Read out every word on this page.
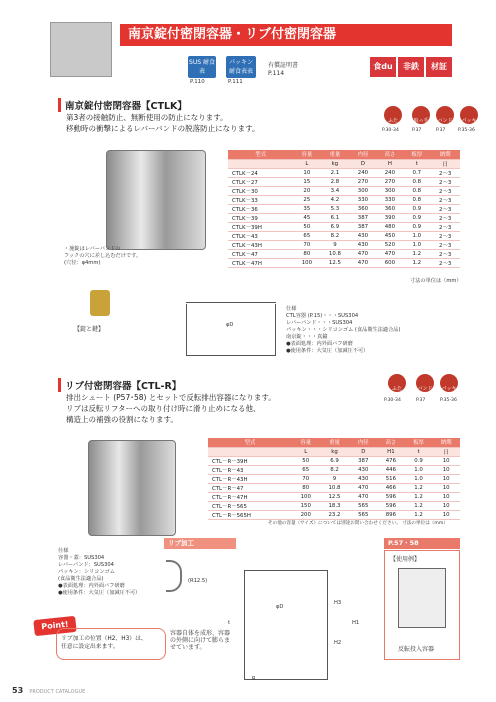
南京錠付密閉容器・リブ付密閉容器
SUS 耐食表
P.110
パッキン 耐食表表
P.111
有償証明書
P.114
食du	非鉄	材証
南京錠付密閉容器【CTLK】
第3者の接触防止、無断使用の防止になります。
移動時の衝撃によるレバーバンドの脱落防止になります。
ふた	取っ手	バンド	パッキン
P.30-34	P.37	P.37	P.35-36
・施錠はレバーバンドの
フックの穴に差し込むだけです。
(穴径：φ4mm)
【錠と鍵】
型式	容量	重量	内径	高さ	板厚	納期
	L	kg	D	H	t	日
CTLK－24	10	2.1	240	240	0.7	2～3
CTLK－27	15	2.8	270	270	0.8	2～3
CTLK－30	20	3.4	300	300	0.8	2～3
CTLK－33	25	4.2	330	330	0.8	2～3
CTLK－36	35	5.3	360	360	0.9	2～3
CTLK－39	45	6.1	387	390	0.9	2～3
CTLK－39H	50	6.9	387	480	0.9	2～3
CTLK－43	65	8.2	430	450	1.0	2～3
CTLK－43H	70	9	430	520	1.0	2～3
CTLK－47	80	10.8	470	470	1.2	2～3
CTLK－47H	100	12.5	470	600	1.2	2～3
寸法の単位は（mm）
φD
仕様
CTL容器 (P.15)・・・SUS304
レバーバンド・・・SUS304
パッキン・・・シリコンゴム (食品衛生法適合品)
南京錠・・・真鍮
●表面処理：内外面バフ研磨
●使用条件：大気圧（加減圧不可）
リブ付密閉容器【CTL-R】
排出シュート (P57･58) とセットで反転排出容器になります。
リブは反転リフターへの取り付け時に滑り止めになる他、
構造上の補強の役割になります。
ふた	バンド	パッキン
P.30-34	P.37	P.35-36
型式	容量	重量	内径	高さ	板厚	納期
	L	kg	D	H1	t	日
CTL－R－39H	50	6.9	387	476	0.9	10
CTL－R－43	65	8.2	430	446	1.0	10
CTL－R－43H	70	9	430	516	1.0	10
CTL－R－47	80	10.8	470	466	1.2	10
CTL－R－47H	100	12.5	470	596	1.2	10
CTL－R－565	150	18.3	565	596	1.2	10
CTL－R－565H	200	23.2	565	896	1.2	10
その他の容量（サイズ）については別途お問い合わせください。 寸法の単位は（mm）
仕様
容器・蓋：SUS304
レバーバンド：SUS304
パッキン：シリコンゴム
(食品衛生法適合品)
●表面処理：内外面バフ研磨
●使用条件：大気圧（加減圧不可）
リブ加工
容器自体を成形、容器
の外側に向けて膨らま
せています。
(R12.5)
φD
H3
H2
H1
R
t
P.57・58
【使用例】
反転投入容器
Point!
リブ加工の位置（H2、H3）は、
任意に設定出来ます。
53 PRODUCT CATALOGUE
